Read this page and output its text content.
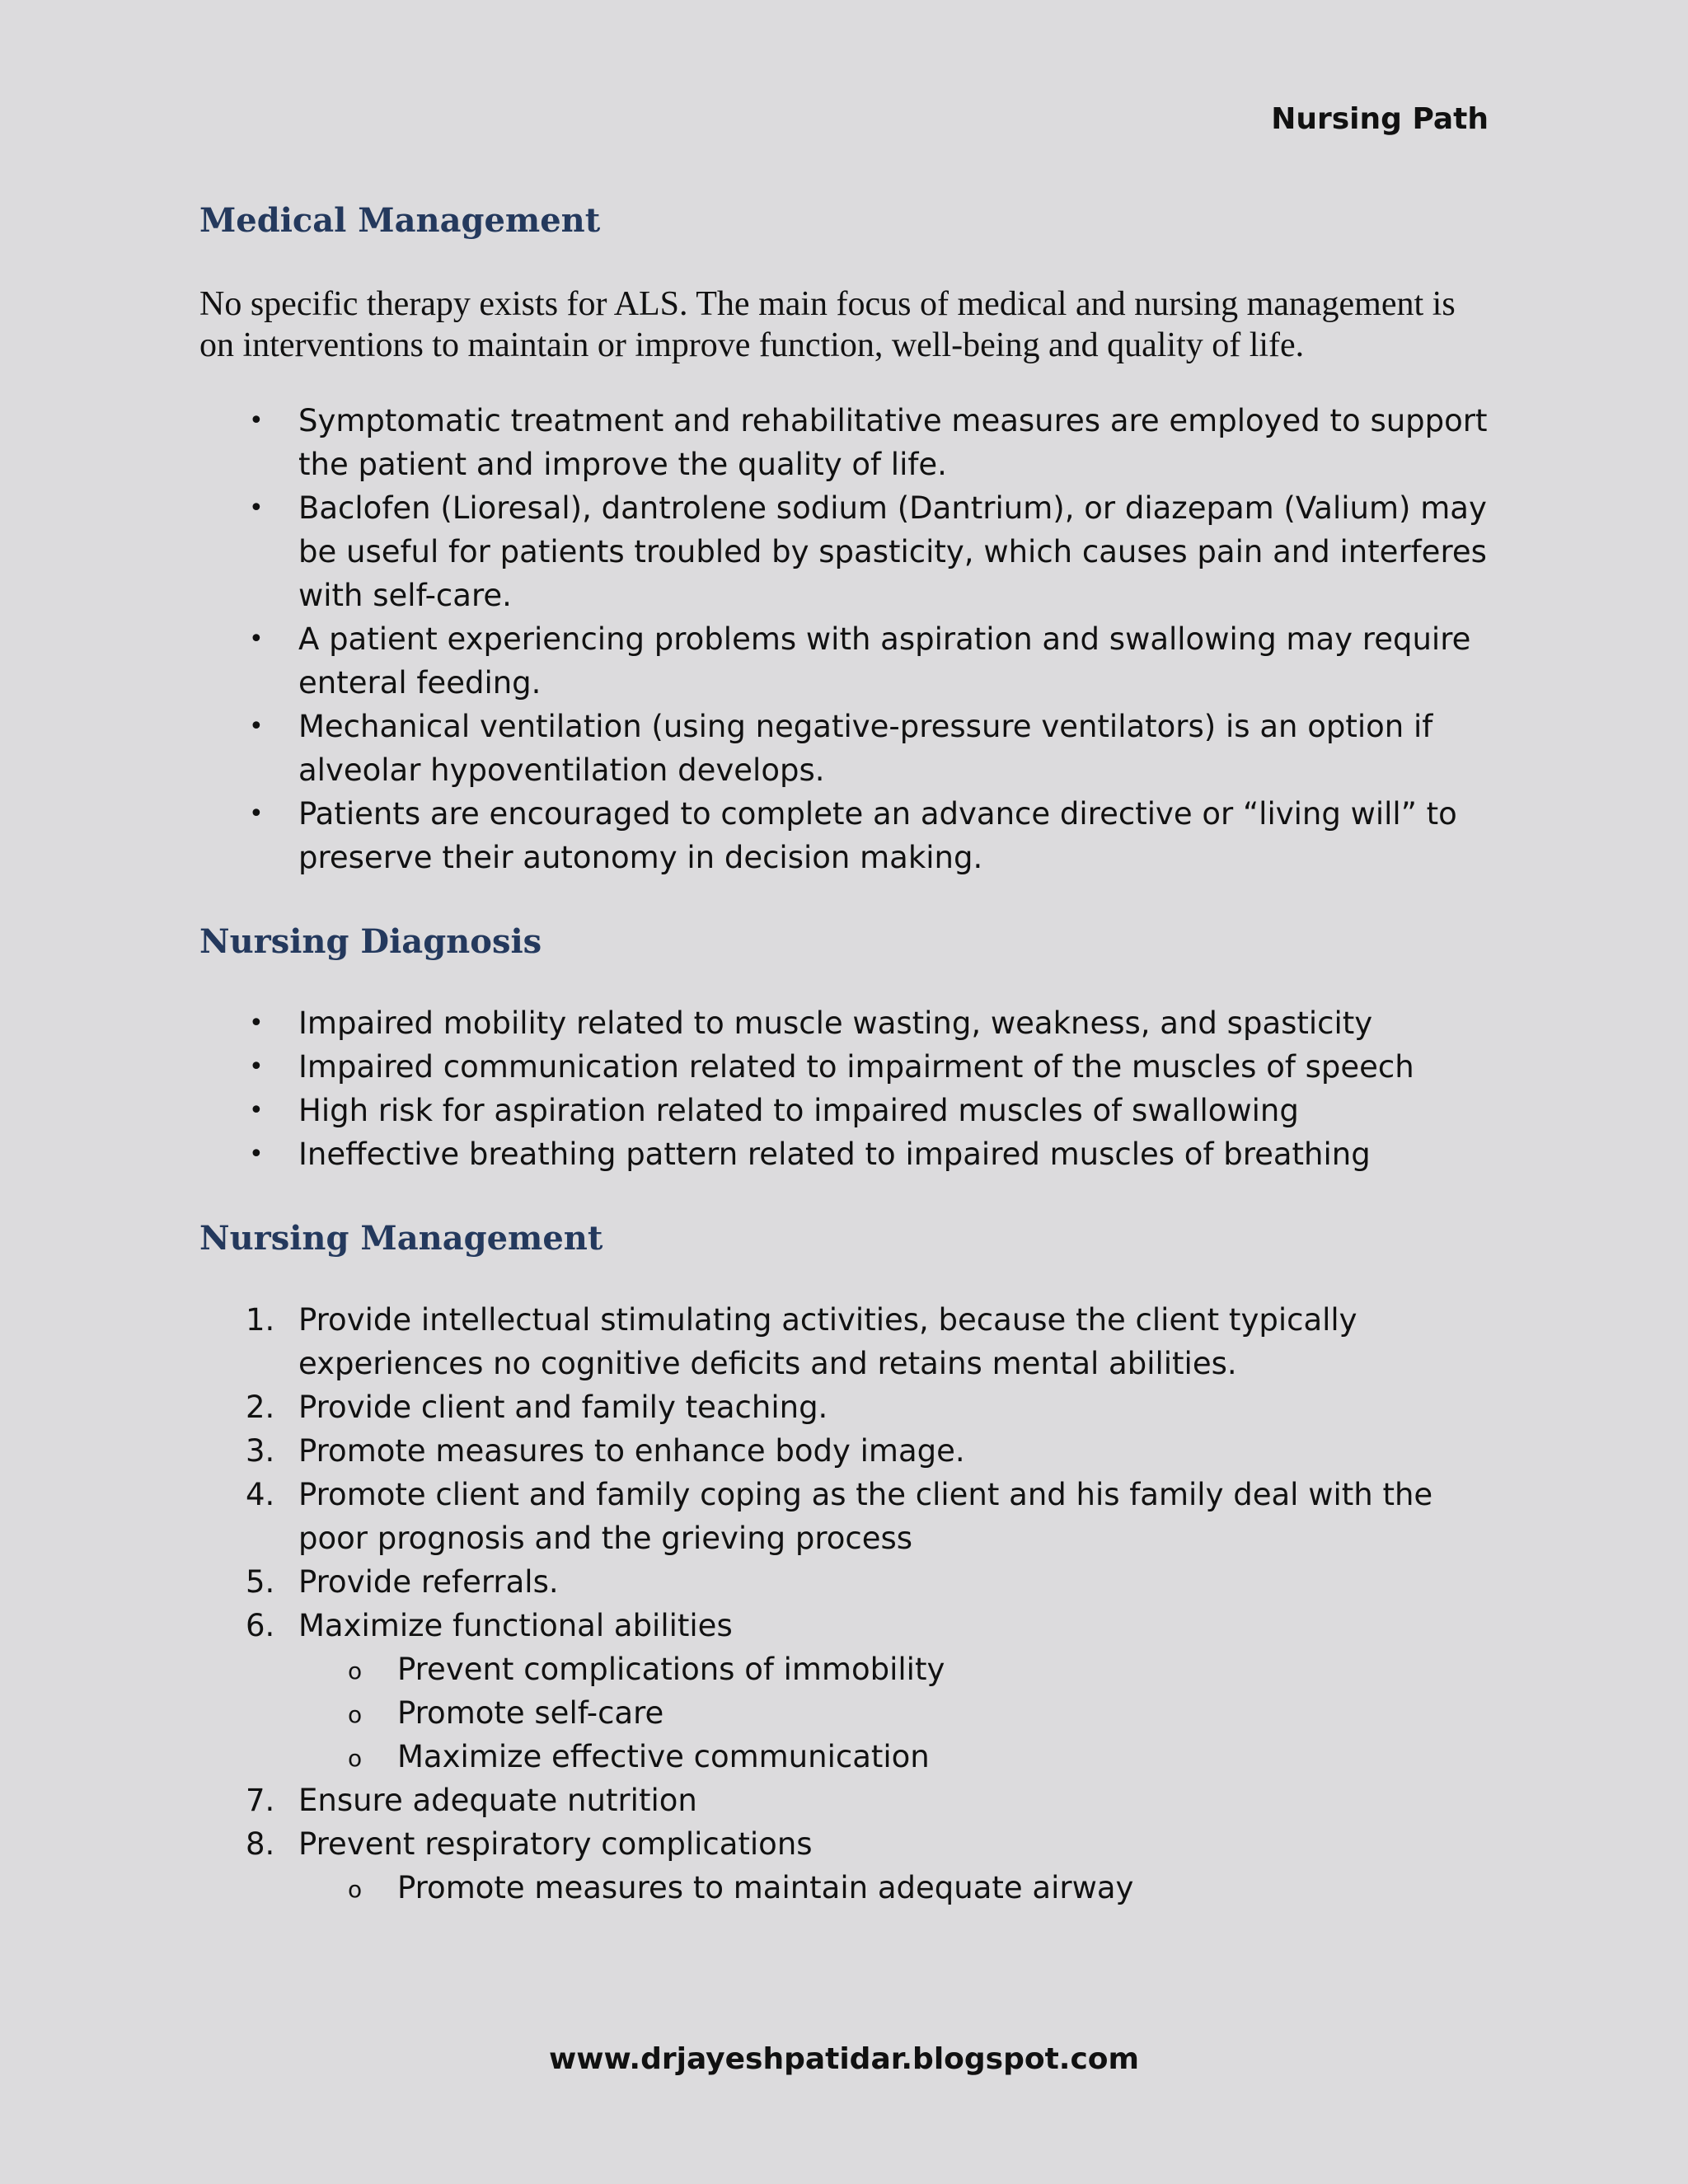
Nursing Path
Medical Management

No specific therapy exists for ALS. The main focus of medical and nursing management is on interventions to maintain or improve function, well-being and quality of life.

• Symptomatic treatment and rehabilitative measures are employed to support the patient and improve the quality of life.
• Baclofen (Lioresal), dantrolene sodium (Dantrium), or diazepam (Valium) may be useful for patients troubled by spasticity, which causes pain and interferes with self-care.
• A patient experiencing problems with aspiration and swallowing may require enteral feeding.
• Mechanical ventilation (using negative-pressure ventilators) is an option if alveolar hypoventilation develops.
• Patients are encouraged to complete an advance directive or “living will” to preserve their autonomy in decision making.
Nursing Diagnosis
• Impaired mobility related to muscle wasting, weakness, and spasticity
• Impaired communication related to impairment of the muscles of speech
• High risk for aspiration related to impaired muscles of swallowing
• Ineffective breathing pattern related to impaired muscles of breathing
Nursing Management
1. Provide intellectual stimulating activities, because the client typically experiences no cognitive deficits and retains mental abilities.
2. Provide client and family teaching.
3. Promote measures to enhance body image.
4. Promote client and family coping as the client and his family deal with the poor prognosis and the grieving process
5. Provide referrals.
6. Maximize functional abilities
o Prevent complications of immobility
o Promote self-care
o Maximize effective communication
7. Ensure adequate nutrition
8. Prevent respiratory complications
o Promote measures to maintain adequate airway
www.drjayeshpatidar.blogspot.com
